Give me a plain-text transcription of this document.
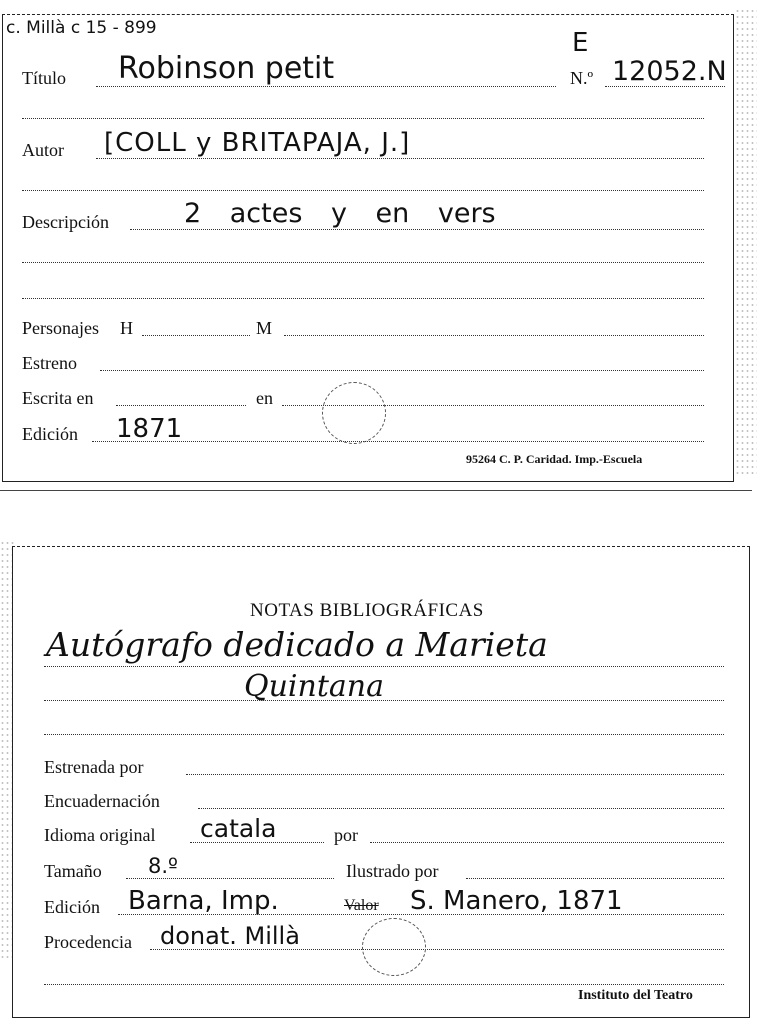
c. Millà c 15 - 899	E
Título Robinson petit	N.º 12052.N
Autor [COLL y BRITAPAJA, J.]
Descripción	2 actes y en vers
Personajes H	M
Estreno
Escrita en	en
Edición 1871
95264 C. P. Caridad. Imp.-Escuela
NOTAS BIBLIOGRÁFICAS
Autógrafo dedicado a Marieta
Quintana
Estrenada por
Encuadernación
Idioma original catala	por
Tamaño 8.º	Ilustrado por
Edición Barna, Imp.	Valor S. Manero, 1871
Procedencia donat. Millà
Instituto del Teatro
